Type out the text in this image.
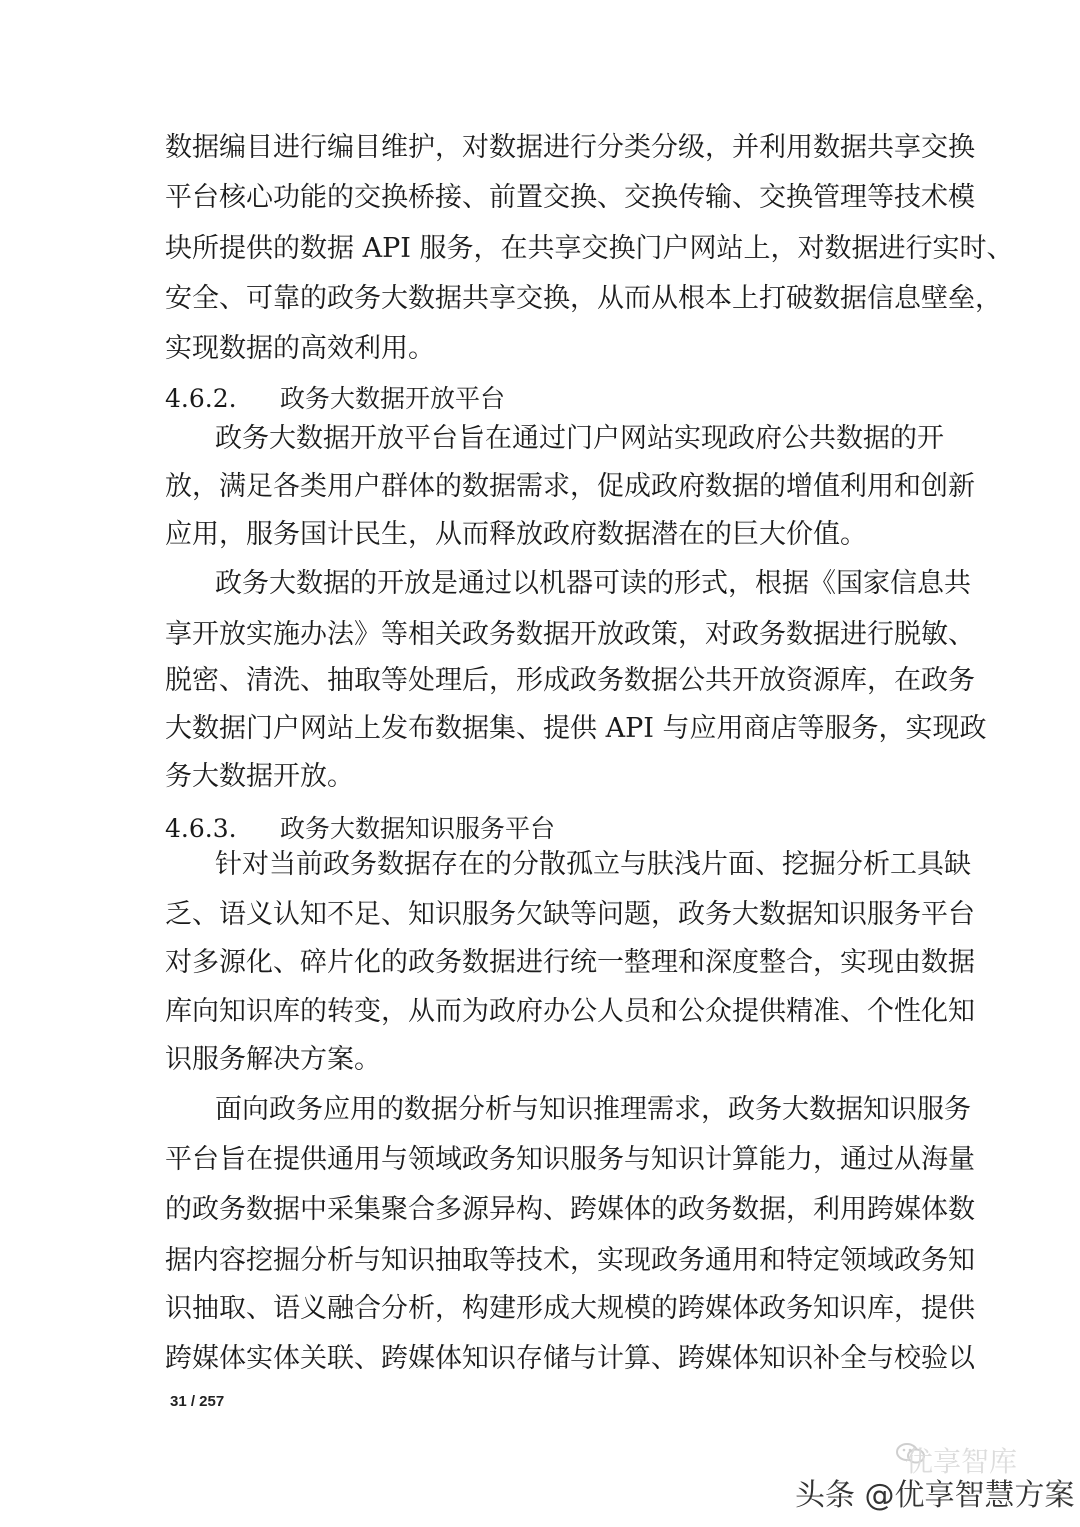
数据编目进行编目维护，对数据进行分类分级，并利用数据共享交换
平台核心功能的交换桥接、前置交换、交换传输、交换管理等技术模
块所提供的数据 API 服务，在共享交换门户网站上，对数据进行实时、
安全、可靠的政务大数据共享交换，从而从根本上打破数据信息壁垒，
实现数据的高效利用。
4.6.2. 政务大数据开放平台
政务大数据开放平台旨在通过门户网站实现政府公共数据的开
放，满足各类用户群体的数据需求，促成政府数据的增值利用和创新
应用，服务国计民生，从而释放政府数据潜在的巨大价值。
政务大数据的开放是通过以机器可读的形式，根据《国家信息共
享开放实施办法》等相关政务数据开放政策，对政务数据进行脱敏、
脱密、清洗、抽取等处理后，形成政务数据公共开放资源库，在政务
大数据门户网站上发布数据集、提供 API 与应用商店等服务，实现政
务大数据开放。
4.6.3. 政务大数据知识服务平台
针对当前政务数据存在的分散孤立与肤浅片面、挖掘分析工具缺
乏、语义认知不足、知识服务欠缺等问题，政务大数据知识服务平台
对多源化、碎片化的政务数据进行统一整理和深度整合，实现由数据
库向知识库的转变，从而为政府办公人员和公众提供精准、个性化知
识服务解决方案。
面向政务应用的数据分析与知识推理需求，政务大数据知识服务
平台旨在提供通用与领域政务知识服务与知识计算能力，通过从海量
的政务数据中采集聚合多源异构、跨媒体的政务数据，利用跨媒体数
据内容挖掘分析与知识抽取等技术，实现政务通用和特定领域政务知
识抽取、语义融合分析，构建形成大规模的跨媒体政务知识库，提供
跨媒体实体关联、跨媒体知识存储与计算、跨媒体知识补全与校验以
31 / 257
优享智库
头条 @优享智慧方案
